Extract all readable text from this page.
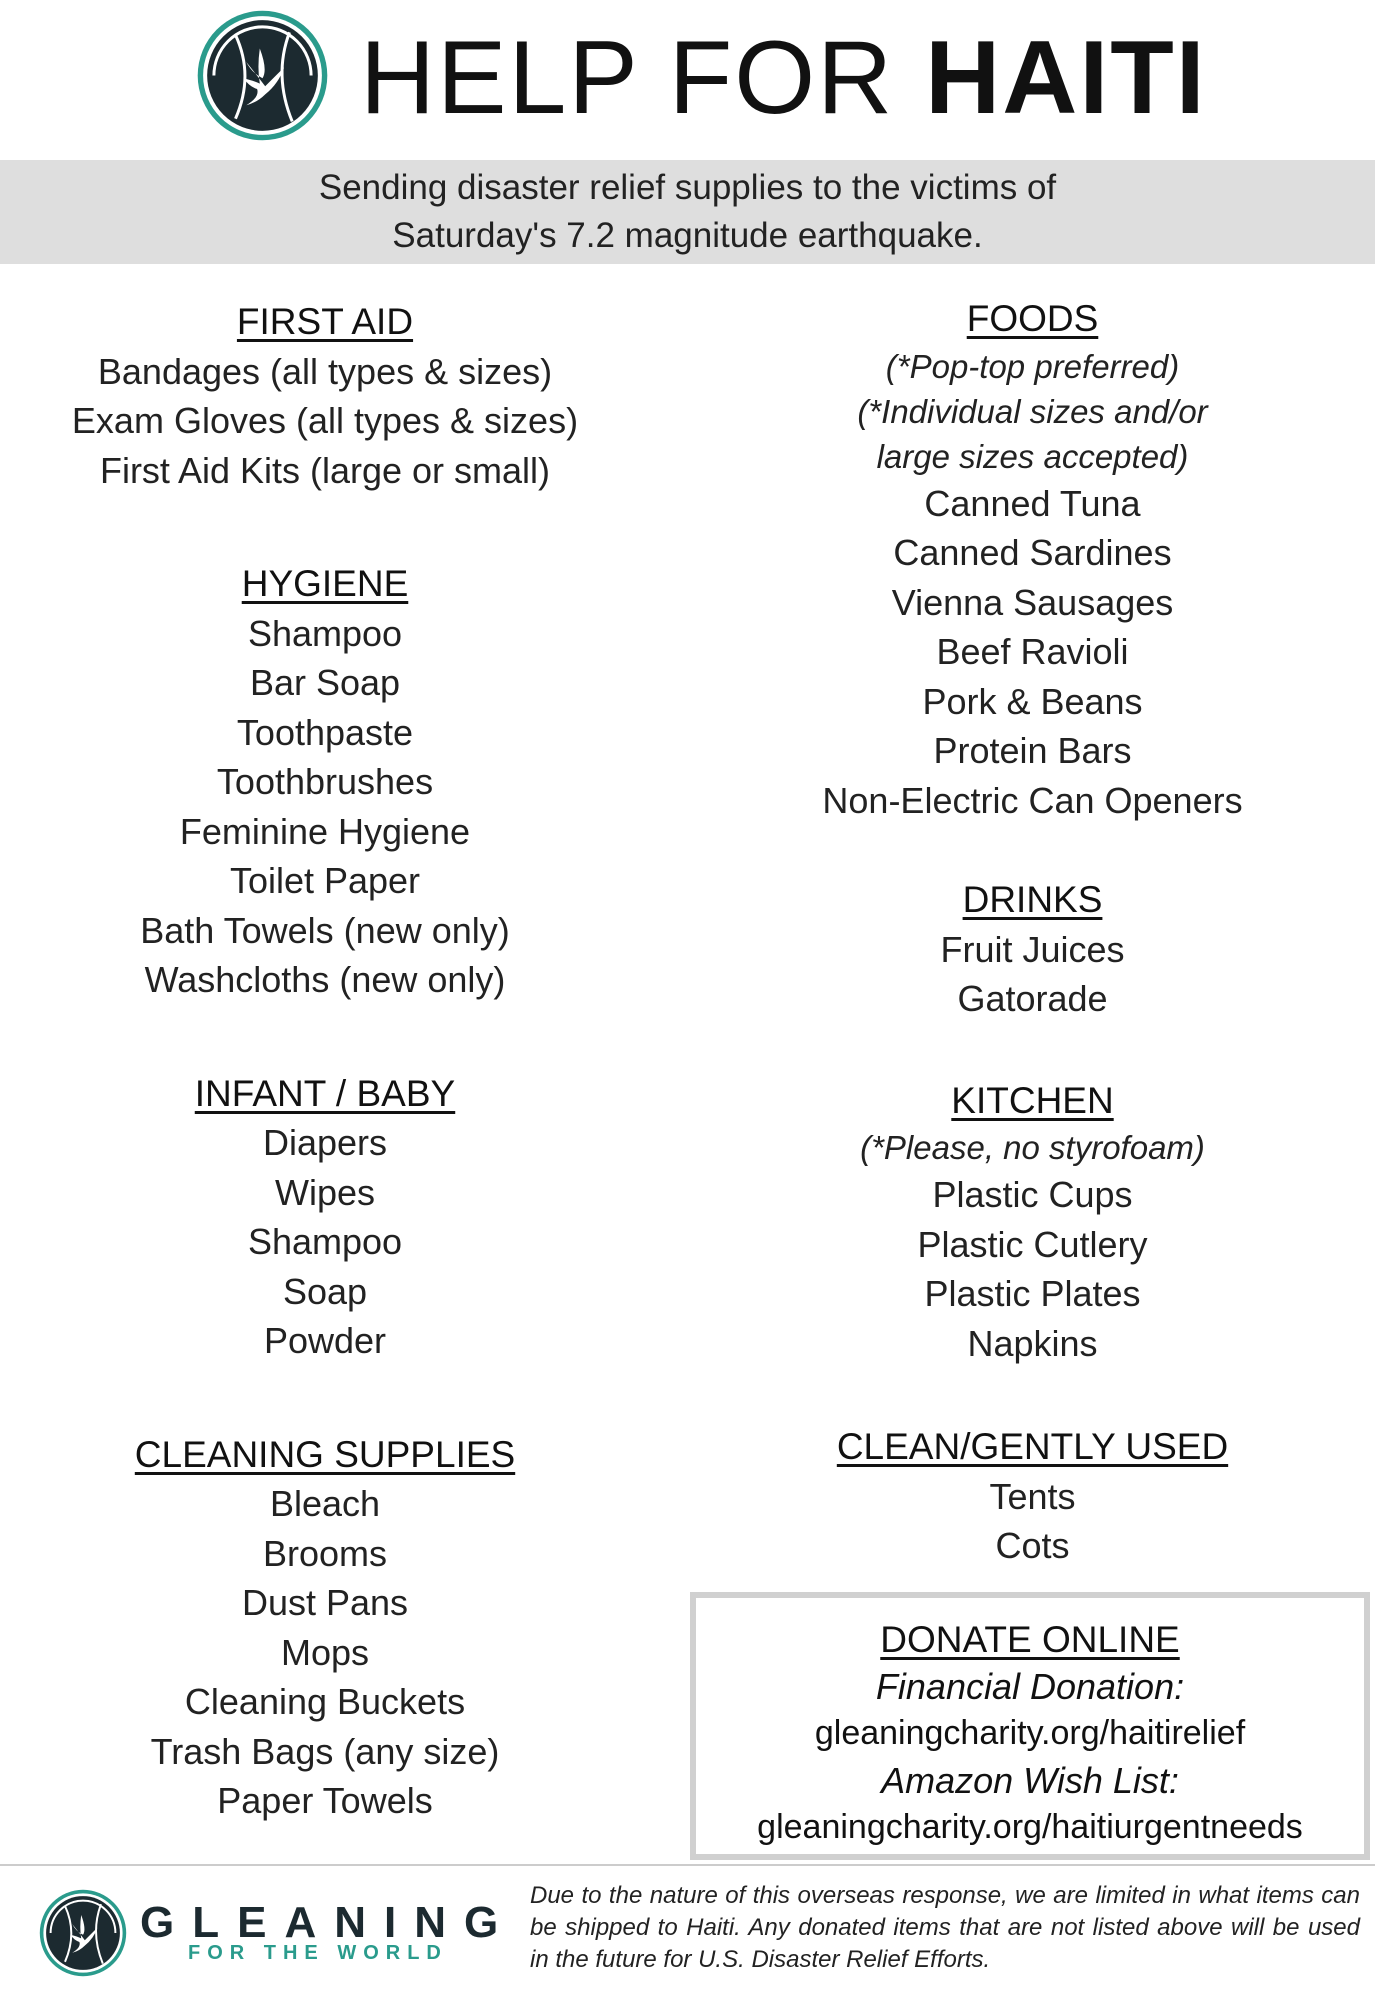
HELP FOR HAITI
Sending disaster relief supplies to the victims of
Saturday's 7.2 magnitude earthquake.
FIRST AID
Bandages (all types & sizes)
Exam Gloves (all types & sizes)
First Aid Kits (large or small)
HYGIENE
Shampoo
Bar Soap
Toothpaste
Toothbrushes
Feminine Hygiene
Toilet Paper
Bath Towels (new only)
Washcloths (new only)
INFANT / BABY
Diapers
Wipes
Shampoo
Soap
Powder
CLEANING SUPPLIES
Bleach
Brooms
Dust Pans
Mops
Cleaning Buckets
Trash Bags (any size)
Paper Towels
FOODS
(*Pop-top preferred)
(*Individual sizes and/or
large sizes accepted)
Canned Tuna
Canned Sardines
Vienna Sausages
Beef Ravioli
Pork & Beans
Protein Bars
Non-Electric Can Openers
DRINKS
Fruit Juices
Gatorade
KITCHEN
(*Please, no styrofoam)
Plastic Cups
Plastic Cutlery
Plastic Plates
Napkins
CLEAN/GENTLY USED
Tents
Cots
DONATE ONLINE
Financial Donation:
gleaningcharity.org/haitirelief
Amazon Wish List:
gleaningcharity.org/haitiurgentneeds
GLEANING
FOR THE WORLD
Due to the nature of this overseas response, we are limited in what items can be shipped to Haiti. Any donated items that are not listed above will be used in the future for U.S. Disaster Relief Efforts.
